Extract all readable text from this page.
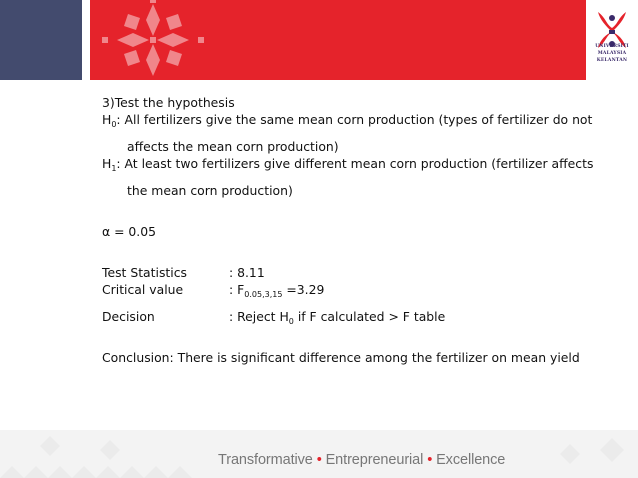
UNIVERSITI
MALAYSIA
KELANTAN
3)Test the hypothesis
$H_0$: All fertilizers give the same mean corn production (types of fertilizer do not
affects the mean corn production)
$H_1$: At least two fertilizers give different mean corn production (fertilizer affects
the mean corn production)
α = 0.05
Test Statistics	: 8.11
Critical value	: $F_{0.05,3,15} =3.29$
Decision	: Reject $H_0$ if F calculated > F table
Conclusion: There is significant difference among the fertilizer on mean yield
Transformative • Entrepreneurial • Excellence
